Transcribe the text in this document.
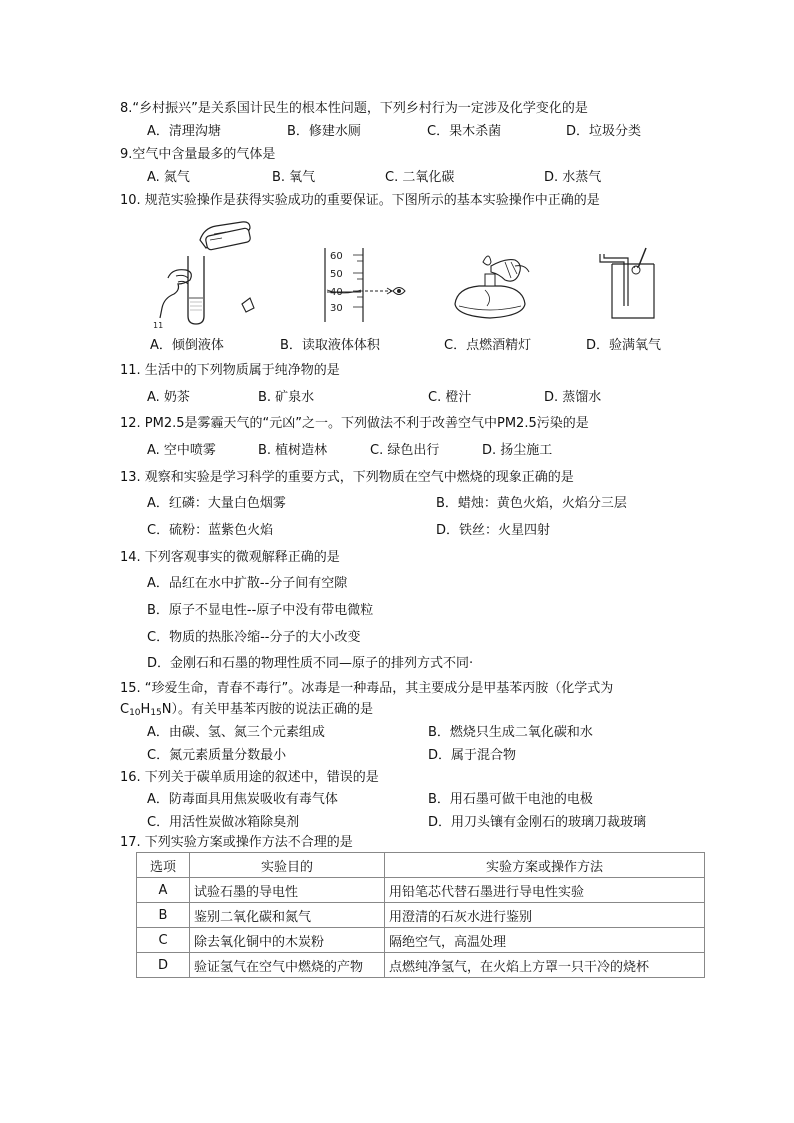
8.“乡村振兴”是关系国计民生的根本性问题，下列乡村行为一定涉及化学变化的是
A．清理沟塘	B．修建水厕	C．果木杀菌	D．垃圾分类
9.空气中含量最多的气体是
A. 氮气	B. 氧气	C. 二氧化碳	D. 水蒸气
10. 规范实验操作是获得实验成功的重要保证。下图所示的基本实验操作中正确的是
11
60
50
40
30
A．倾倒液体	B．读取液体体积	C．点燃酒精灯	D．验满氧气
11. 生活中的下列物质属于纯净物的是
A. 奶茶	B. 矿泉水	C. 橙汁	D. 蒸馏水
12. PM2.5是雾霾天气的“元凶”之一。下列做法不利于改善空气中PM2.5污染的是
A. 空中喷雾	B. 植树造林	C. 绿色出行	D. 扬尘施工
13. 观察和实验是学习科学的重要方式，下列物质在空气中燃烧的现象正确的是
A．红磷：大量白色烟雾	B．蜡烛：黄色火焰，火焰分三层
C．硫粉：蓝紫色火焰	D．铁丝：火星四射
14. 下列客观事实的微观解释正确的是
A．品红在水中扩散--分子间有空隙
B．原子不显电性--原子中没有带电微粒
C．物质的热胀冷缩--分子的大小改变
D．金刚石和石墨的物理性质不同—原子的排列方式不同·
15. “珍爱生命，青春不毒行”。冰毒是一种毒品，其主要成分是甲基苯丙胺（化学式为
$C_{10}H_{15}N$）。有关甲基苯丙胺的说法正确的是
A．由碳、氢、氮三个元素组成	B．燃烧只生成二氧化碳和水
C．氮元素质量分数最小	D．属于混合物
16. 下列关于碳单质用途的叙述中，错误的是
A．防毒面具用焦炭吸收有毒气体	B．用石墨可做干电池的电极
C．用活性炭做冰箱除臭剂	D．用刀头镶有金刚石的玻璃刀裁玻璃
17. 下列实验方案或操作方法不合理的是
选项	实验目的	实验方案或操作方法
A	试验石墨的导电性	用铅笔芯代替石墨进行导电性实验
B	鉴别二氧化碳和氮气	用澄清的石灰水进行鉴别
C	除去氧化铜中的木炭粉	隔绝空气，高温处理
D	验证氢气在空气中燃烧的产物	点燃纯净氢气，在火焰上方罩一只干冷的烧杯
